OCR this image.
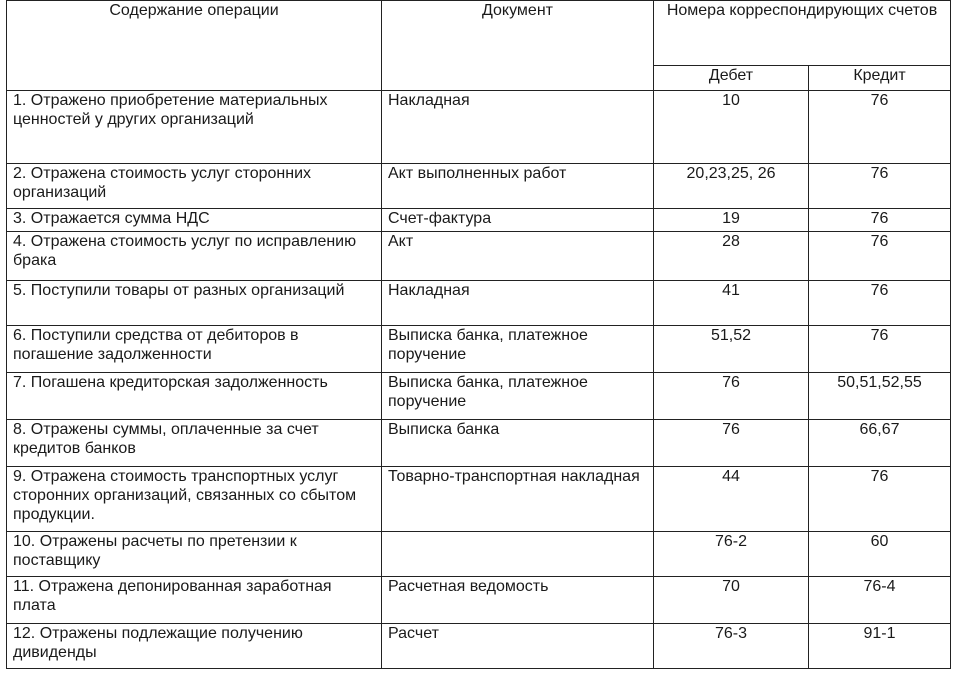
Содержание операции	Документ	Номера корреспондирующих счетов	
		Дебет	Кредит
1. Отражено приобретение материальных ценностей у других организаций	Накладная	10	76
2. Отражена стоимость услуг сторонних организаций	Акт выполненных работ	20,23,25, 26	76
3. Отражается сумма НДС	Счет-фактура	19	76
4. Отражена стоимость услуг по исправлению брака	Акт	28	76
5. Поступили товары от разных организаций	Накладная	41	76
6. Поступили средства от дебиторов в погашение задолженности	Выписка банка, платежное поручение	51,52	76
7. Погашена кредиторская задолженность	Выписка банка, платежное поручение	76	50,51,52,55
8. Отражены суммы, оплаченные за счет кредитов банков	Выписка банка	76	66,67
9. Отражена стоимость транспортных услуг сторонних организаций, связанных со сбытом продукции.	Товарно-транспортная накладная	44	76
10. Отражены расчеты по претензии к поставщику		76-2	60
11. Отражена депонированная заработная плата	Расчетная ведомость	70	76-4
12. Отражены подлежащие получению дивиденды	Расчет	76-3	91-1
